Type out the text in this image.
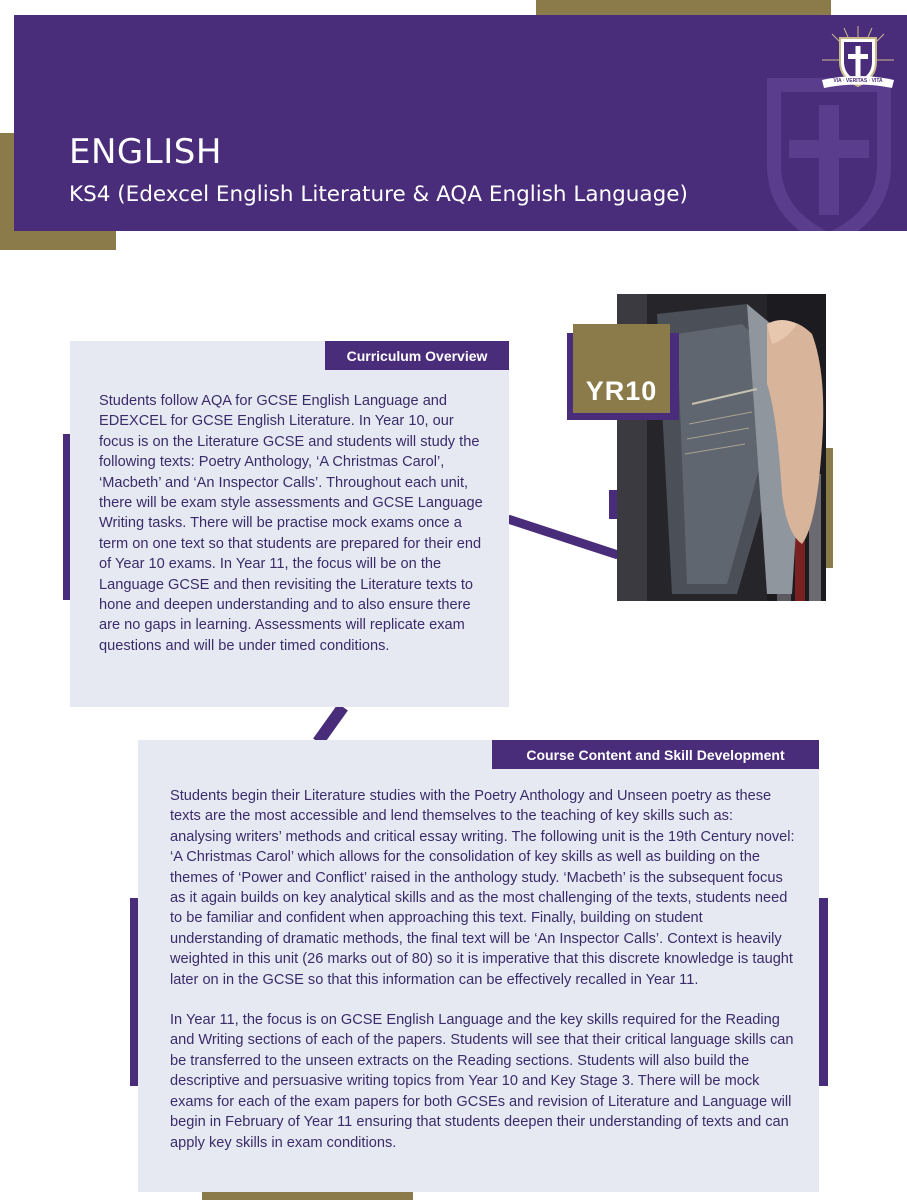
ENGLISH
KS4 (Edexcel English Literature & AQA English Language)
VIA · VERITAS · VITA
YR10
Curriculum Overview
Students follow AQA for GCSE English Language and EDEXCEL for GCSE English Literature. In Year 10, our focus is on the Literature GCSE and students will study the following texts: Poetry Anthology, ‘A Christmas Carol’, ‘Macbeth’ and ‘An Inspector Calls’. Throughout each unit, there will be exam style assessments and GCSE Language Writing tasks. There will be practise mock exams once a term on one text so that students are prepared for their end of Year 10 exams. In Year 11, the focus will be on the Language GCSE and then revisiting the Literature texts to hone and deepen understanding and to also ensure there are no gaps in learning. Assessments will replicate exam questions and will be under timed conditions.
Course Content and Skill Development

Students begin their Literature studies with the Poetry Anthology and Unseen poetry as these texts are the most accessible and lend themselves to the teaching of key skills such as: analysing writers’ methods and critical essay writing. The following unit is the 19th Century novel: ‘A Christmas Carol’ which allows for the consolidation of key skills as well as building on the themes of ‘Power and Conflict’ raised in the anthology study. ‘Macbeth’ is the subsequent focus as it again builds on key analytical skills and as the most challenging of the texts, students need to be familiar and confident when approaching this text. Finally, building on student understanding of dramatic methods, the final text will be ‘An Inspector Calls’. Context is heavily weighted in this unit (26 marks out of 80) so it is imperative that this discrete knowledge is taught later on in the GCSE so that this information can be effectively recalled in Year 11.

In Year 11, the focus is on GCSE English Language and the key skills required for the Reading and Writing sections of each of the papers. Students will see that their critical language skills can be transferred to the unseen extracts on the Reading sections. Students will also build the descriptive and persuasive writing topics from Year 10 and Key Stage 3. There will be mock exams for each of the exam papers for both GCSEs and revision of Literature and Language will begin in February of Year 11 ensuring that students deepen their understanding of texts and can apply key skills in exam conditions.
